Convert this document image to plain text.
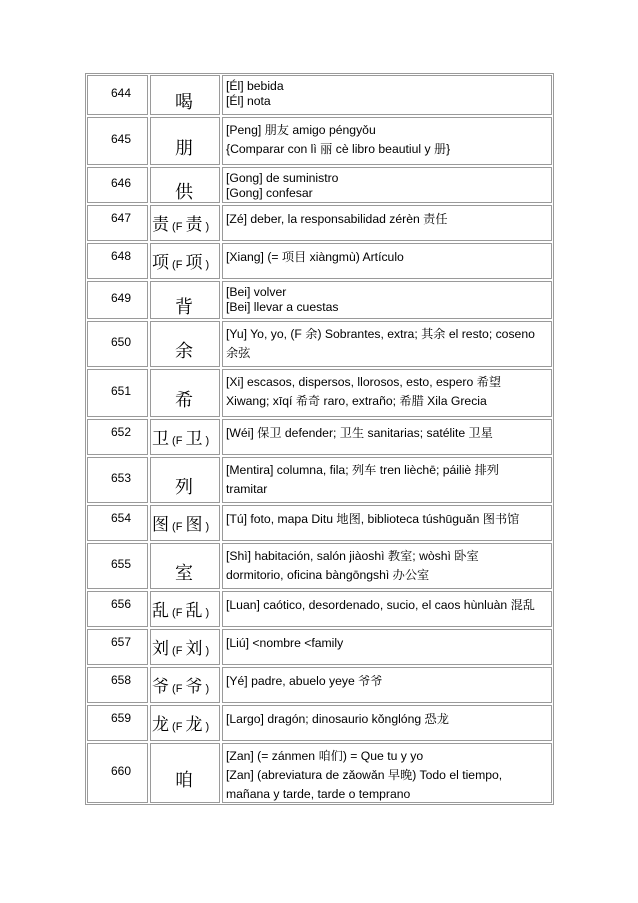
644	喝
[Él] bebida
[Él] nota
645	朋
[Peng] 朋友 amigo péngyǒu
{Comparar con lì 丽 cè libro beautiul y 册}
646	供
[Gong] de suministro
[Gong] confesar
647	责 (F 责 )
[Zé] deber, la responsabilidad zérèn 责任
648	项 (F 项 )
[Xiang] (= 项目 xiàngmù) Artículo
649	背
[Bei] volver
[Bei] llevar a cuestas
650	余
[Yu] Yo, yo, (F 余) Sobrantes, extra; 其余 el resto; coseno
余弦
651	希
[Xi] escasos, dispersos, llorosos, esto, espero 希望
Xiwang; xīqí 希奇 raro, extraño; 希腊 Xila Grecia
652	卫 (F 卫 )
[Wéi] 保卫 defender; 卫生 sanitarias; satélite 卫星
653	列
[Mentira] columna, fila; 列车 tren lièchē; páiliè 排列
tramitar
654	图 (F 图 )
[Tú] foto, mapa Ditu 地图, biblioteca túshūguǎn 图书馆
655	室
[Shì] habitación, salón jiàoshì 教室; wòshì 卧室
dormitorio, oficina bàngōngshì 办公室
656	乱 (F 乱 )
[Luan] caótico, desordenado, sucio, el caos hùnluàn 混乱
657	刘 (F 刘 )
[Liú] <nombre <family
658	爷 (F 爷 )
[Yé] padre, abuelo yeye 爷爷
659	龙 (F 龙 )
[Largo] dragón; dinosaurio kǒnglóng 恐龙
660	咱
[Zan] (= zánmen 咱们) = Que tu y yo
[Zan] (abreviatura de zǎowǎn 早晚) Todo el tiempo,
mañana y tarde, tarde o temprano
